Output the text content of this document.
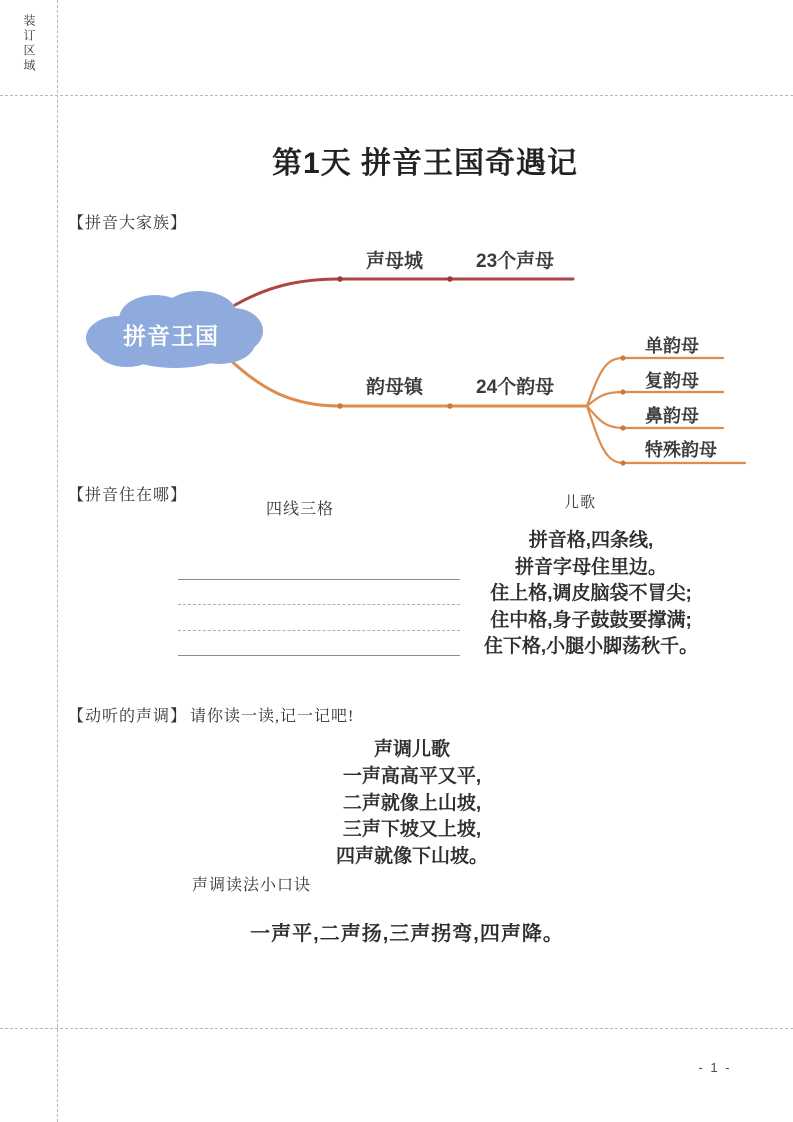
装订区域
第1天 拼音王国奇遇记
【拼音大家族】
拼音王国
声母城	23个声母
韵母镇	24个韵母
单韵母
复韵母
鼻韵母
特殊韵母
【拼音住在哪】
四线三格	儿歌
拼音格,四条线,
拼音字母住里边。
住上格,调皮脑袋不冒尖;
住中格,身子鼓鼓要撑满;
住下格,小腿小脚荡秋千。
【动听的声调】 请你读一读,记一记吧!
声调儿歌
一声高高平又平,
二声就像上山坡,
三声下坡又上坡,
四声就像下山坡。
声调读法小口诀
一声平,二声扬,三声拐弯,四声降。
- 1 -
